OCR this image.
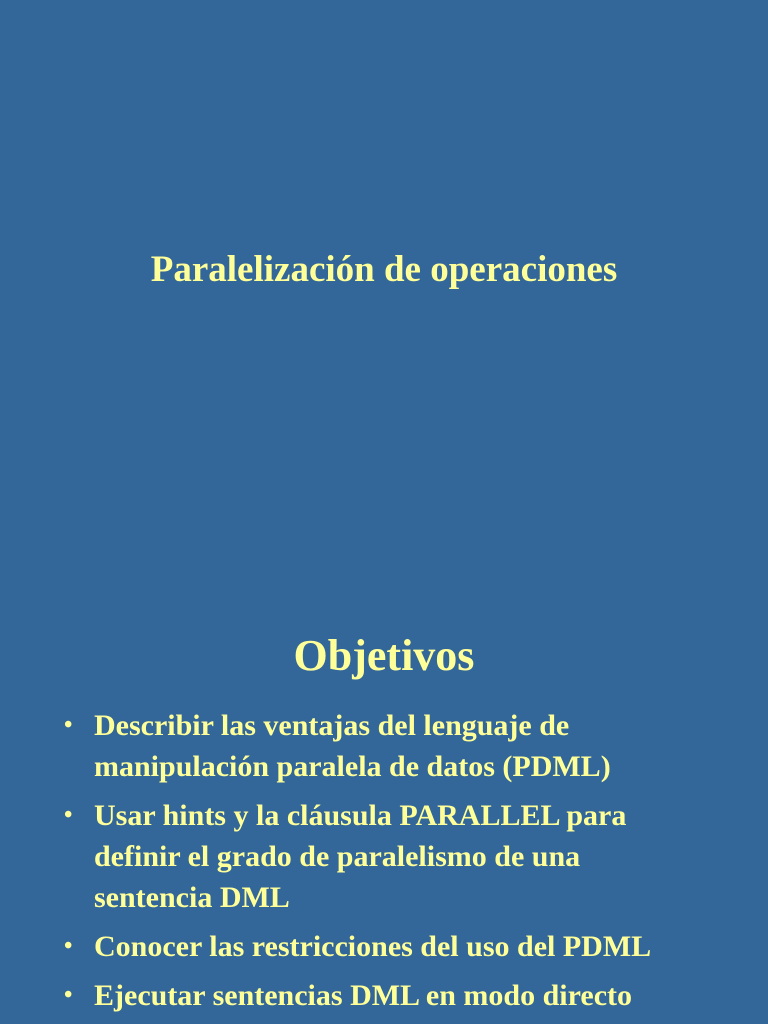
Paralelización de operaciones
Objetivos
• Describir las ventajas del lenguaje de
manipulación paralela de datos (PDML)
• Usar hints y la cláusula PARALLEL para
definir el grado de paralelismo de una
sentencia DML
• Conocer las restricciones del uso del PDML
• Ejecutar sentencias DML en modo directo
